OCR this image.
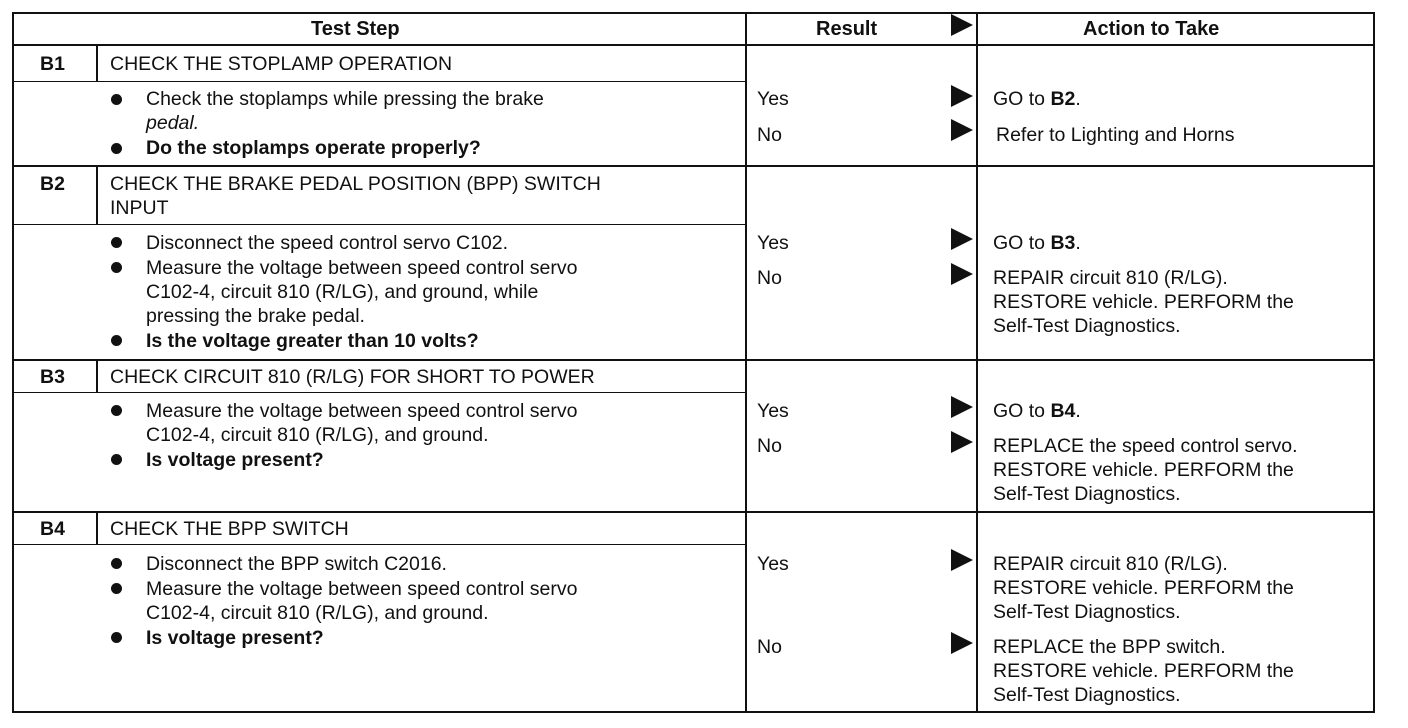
Test Step	Result	Action to Take
B1 CHECK THE STOPLAMP OPERATION
Check the stoplamps while pressing the brake
pedal.
Do the stoplamps operate properly?
Yes	GO to B2.
No	Refer to Lighting and Horns
B2 CHECK THE BRAKE PEDAL POSITION (BPP) SWITCH
INPUT
Disconnect the speed control servo C102.
Measure the voltage between speed control servo
C102-4, circuit 810 (R/LG), and ground, while
pressing the brake pedal.
Is the voltage greater than 10 volts?
Yes	GO to B3.
No	REPAIR circuit 810 (R/LG).
RESTORE vehicle. PERFORM the
Self-Test Diagnostics.
B3 CHECK CIRCUIT 810 (R/LG) FOR SHORT TO POWER
Measure the voltage between speed control servo
C102-4, circuit 810 (R/LG), and ground.
Is voltage present?
Yes	GO to B4.
No	REPLACE the speed control servo.
RESTORE vehicle. PERFORM the
Self-Test Diagnostics.
B4 CHECK THE BPP SWITCH
Disconnect the BPP switch C2016.
Measure the voltage between speed control servo
C102-4, circuit 810 (R/LG), and ground.
Is voltage present?
Yes	REPAIR circuit 810 (R/LG).
RESTORE vehicle. PERFORM the
Self-Test Diagnostics.
No	REPLACE the BPP switch.
RESTORE vehicle. PERFORM the
Self-Test Diagnostics.
